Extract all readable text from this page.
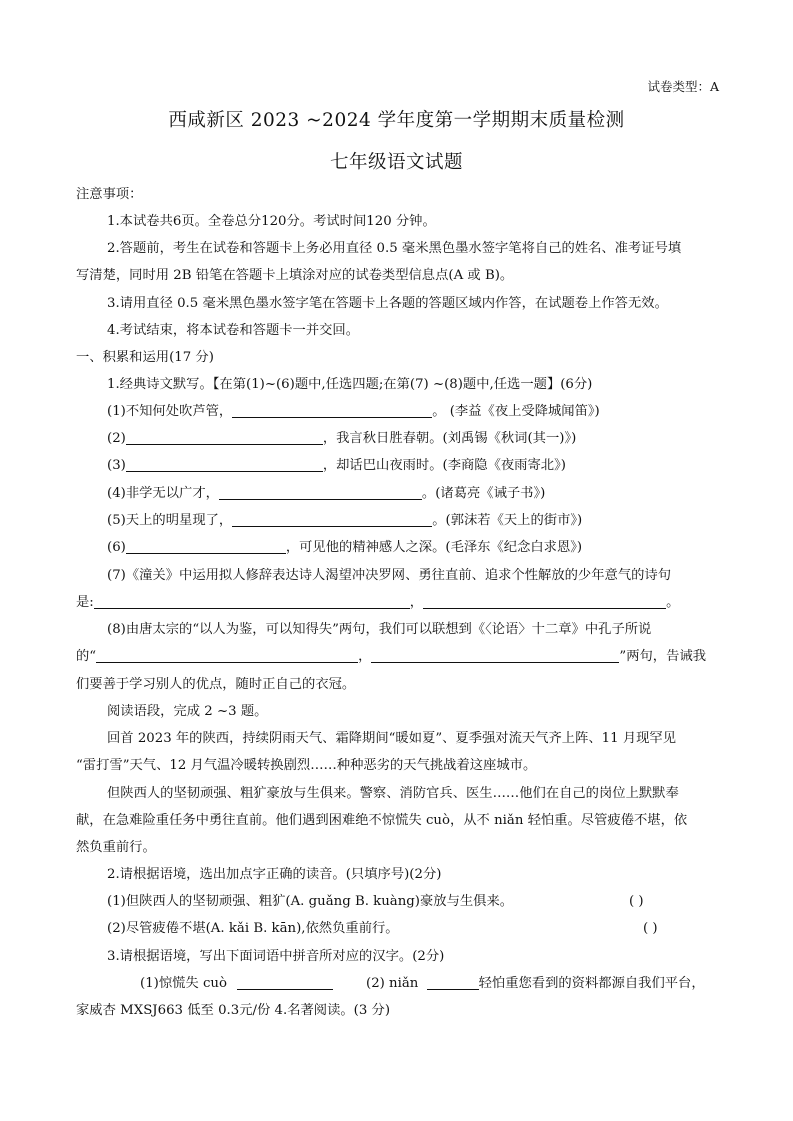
试卷类型：A
西咸新区 2023 ~2024 学年度第一学期期末质量检测
七年级语文试题
注意事项：
1.本试卷共6页。全卷总分120分。考试时间120 分钟。
2.答题前，考生在试卷和答题卡上务必用直径 0.5 毫米黑色墨水签字笔将自己的姓名、准考证号填
写清楚，同时用 2B 铅笔在答题卡上填涂对应的试卷类型信息点(A 或 B)。
3.请用直径 0.5 毫米黑色墨水签字笔在答题卡上各题的答题区域内作答，在试题卷上作答无效。
4.考试结束，将本试卷和答题卡一并交回。
一、积累和运用(17 分)
1.经典诗文默写。【在第(1)~(6)题中,任选四题;在第(7) ~(8)题中,任选一题】(6分)
(1)不知何处吹芦管，	。 (李益《夜上受降城闻笛》)
(2)	，我言秋日胜春朝。(刘禹锡《秋词(其一)》)
(3)	，却话巴山夜雨时。(李商隐《夜雨寄北》)
(4)非学无以广才，	。(诸葛亮《诫子书》)
(5)天上的明星现了，	。(郭沫若《天上的街市》)
(6)	，可见他的精神感人之深。(毛泽东《纪念白求恩》)
(7)《潼关》中运用拟人修辞表达诗人渴望冲决罗网、勇往直前、追求个性解放的少年意气的诗句
是:	，	。
(8)由唐太宗的“以人为鉴，可以知得失”两句，我们可以联想到《〈论语〉十二章》中孔子所说
的“	，	”两句，告诫我
们要善于学习别人的优点，随时正自己的衣冠。
阅读语段，完成 2 ~3 题。
回首 2023 年的陕西，持续阴雨天气、霜降期间“暖如夏”、夏季强对流天气齐上阵、11 月现罕见
“雷打雪”天气、12 月气温冷暖转换剧烈……种种恶劣的天气挑战着这座城市。
但陕西人的坚韧顽强、粗犷豪放与生俱来。警察、消防官兵、医生……他们在自己的岗位上默默奉
献，在急难险重任务中勇往直前。他们遇到困难绝不惊慌失 cuò，从不 niǎn 轻怕重。尽管疲倦不堪，依
然负重前行。
2.请根据语境，选出加点字正确的读音。(只填序号)(2分)
(1)但陕西人的坚韧顽强、粗犷(A. guǎng B. kuàng)豪放与生俱来。	( )
(2)尽管疲倦不堪(A. kǎi B. kān),依然负重前行。	( )
3.请根据语境，写出下面词语中拼音所对应的汉字。(2分)
(1)惊慌失 cuò	(2) niǎn	轻怕重您看到的资料都源自我们平台，
家威杏 MXSJ663 低至 0.3元/份 4.名著阅读。(3 分)
